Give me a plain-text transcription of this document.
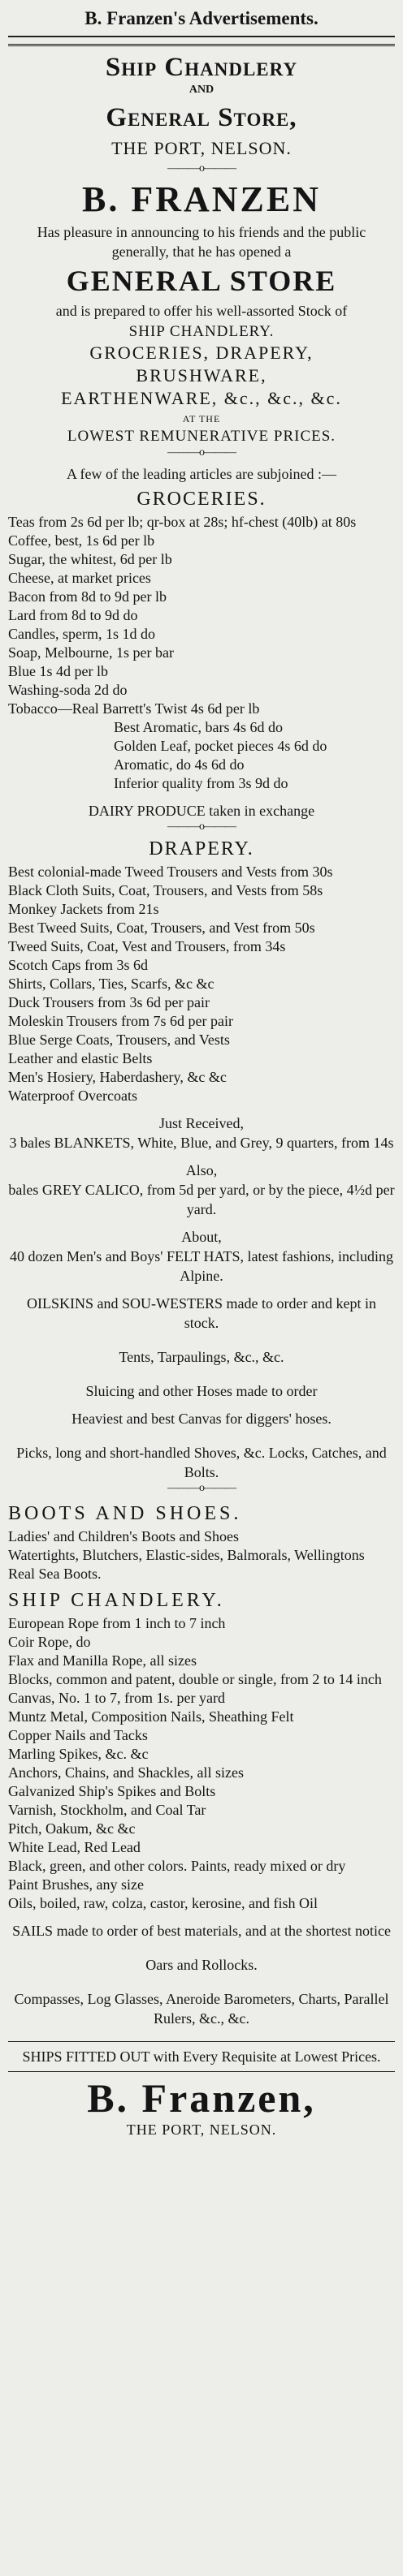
B. Franzen's Advertisements.
Ship Chandlery
AND
General Store,
THE PORT, NELSON.
———o———
B. FRANZEN
Has pleasure in announcing to his friends and the public generally, that he has opened a
GENERAL STORE
and is prepared to offer his well-assorted Stock of
SHIP CHANDLERY.
GROCERIES, DRAPERY,
BRUSHWARE,
EARTHENWARE, &c., &c., &c.
AT THE
LOWEST REMUNERATIVE PRICES.
———o———
A few of the leading articles are subjoined :—
GROCERIES.
Teas from 2s 6d per lb; qr-box at 28s; hf-chest (40lb) at 80s
Coffee, best, 1s 6d per lb
Sugar, the whitest, 6d per lb
Cheese, at market prices
Bacon from 8d to 9d per lb
Lard from 8d to 9d do
Candles, sperm, 1s 1d do
Soap, Melbourne, 1s per bar
Blue 1s 4d per lb
Washing-soda 2d do
Tobacco—Real Barrett's Twist 4s 6d per lb
Best Aromatic, bars 4s 6d do
Golden Leaf, pocket pieces 4s 6d do
Aromatic, do 4s 6d do
Inferior quality from 3s 9d do
DAIRY PRODUCE taken in exchange
———o———
DRAPERY.
Best colonial-made Tweed Trousers and Vests from 30s
Black Cloth Suits, Coat, Trousers, and Vests from 58s
Monkey Jackets from 21s
Best Tweed Suits, Coat, Trousers, and Vest from 50s
Tweed Suits, Coat, Vest and Trousers, from 34s
Scotch Caps from 3s 6d
Shirts, Collars, Ties, Scarfs, &c &c
Duck Trousers from 3s 6d per pair
Moleskin Trousers from 7s 6d per pair
Blue Serge Coats, Trousers, and Vests
Leather and elastic Belts
Men's Hosiery, Haberdashery, &c &c
Waterproof Overcoats
Just Received,
3 bales BLANKETS, White, Blue, and Grey, 9 quarters, from 14s
Also,
bales GREY CALICO, from 5d per yard, or by the piece, 4½d per yard.
About,
40 dozen Men's and Boys' FELT HATS, latest fashions, including Alpine.
OILSKINS and SOU-WESTERS made to order and kept in stock.
Tents, Tarpaulings, &c., &c.
Sluicing and other Hoses made to order
Heaviest and best Canvas for diggers' hoses.
Picks, long and short-handled Shoves, &c. Locks, Catches, and Bolts.
———o———
BOOTS AND SHOES.
Ladies' and Children's Boots and Shoes
Watertights, Blutchers, Elastic-sides, Balmorals, Wellingtons
Real Sea Boots.
SHIP CHANDLERY.
European Rope from 1 inch to 7 inch
Coir Rope, do
Flax and Manilla Rope, all sizes
Blocks, common and patent, double or single, from 2 to 14 inch
Canvas, No. 1 to 7, from 1s. per yard
Muntz Metal, Composition Nails, Sheathing Felt
Copper Nails and Tacks
Marling Spikes, &c. &c
Anchors, Chains, and Shackles, all sizes
Galvanized Ship's Spikes and Bolts
Varnish, Stockholm, and Coal Tar
Pitch, Oakum, &c &c
White Lead, Red Lead
Black, green, and other colors. Paints, ready mixed or dry
Paint Brushes, any size
Oils, boiled, raw, colza, castor, kerosine, and fish Oil
SAILS made to order of best materials, and at the shortest notice
Oars and Rollocks.
Compasses, Log Glasses, Aneroide Barometers, Charts, Parallel Rulers, &c., &c.
SHIPS FITTED OUT with Every Requisite at Lowest Prices.
B. Franzen,
THE PORT, NELSON.
